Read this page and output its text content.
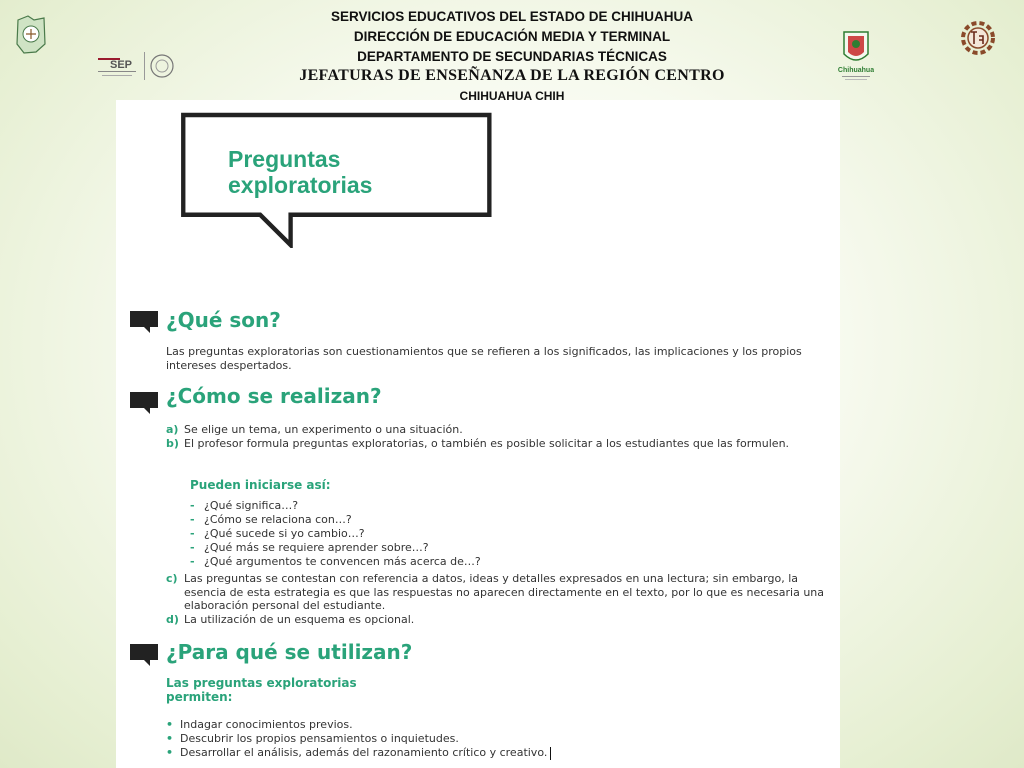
SERVICIOS EDUCATIVOS DEL ESTADO DE CHIHUAHUA
DIRECCIÓN DE EDUCACIÓN MEDIA Y TERMINAL
DEPARTAMENTO DE SECUNDARIAS TÉCNICAS
JEFATURAS DE ENSEÑANZA DE LA REGIÓN CENTRO
CHIHUAHUA CHIH
SEP	Chihuahua
Preguntas
exploratorias
¿Qué son?
Las preguntas exploratorias son cuestionamientos que se refieren a los significados, las implicaciones y los propios intereses despertados.
¿Cómo se realizan?
a) Se elige un tema, un experimento o una situación.
b) El profesor formula preguntas exploratorias, o también es posible solicitar a los estudiantes que las formulen.
Pueden iniciarse así:
- ¿Qué significa…?
- ¿Cómo se relaciona con…?
- ¿Qué sucede si yo cambio…?
- ¿Qué más se requiere aprender sobre…?
- ¿Qué argumentos te convencen más acerca de…?
c) Las preguntas se contestan con referencia a datos, ideas y detalles expresados en una lectura; sin embargo, la esencia de esta estrategia es que las respuestas no aparecen directamente en el texto, por lo que es necesaria una elaboración personal del estudiante.
d) La utilización de un esquema es opcional.
¿Para qué se utilizan?
Las preguntas exploratorias
permiten:
• Indagar conocimientos previos.
• Descubrir los propios pensamientos o inquietudes.
• Desarrollar el análisis, además del razonamiento crítico y creativo.
